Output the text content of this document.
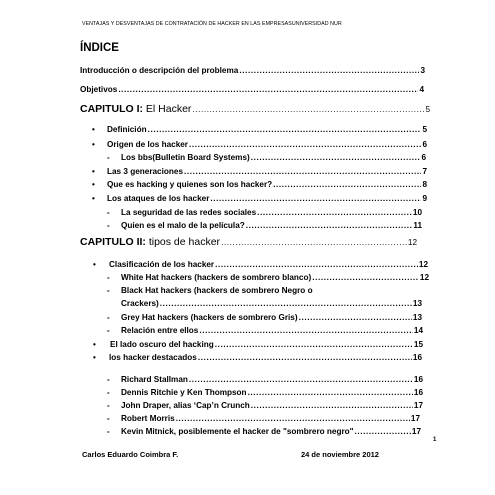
VENTAJAS Y DESVENTAJAS DE CONTRATACIÓN DE HACKER EN LAS EMPRESASUNIVERSIDAD NUR
ÍNDICE
Introducción o descripción del problema .....	3
Objetivos .....	4
CAPITULO I: El Hacker .....	5
• Definición .....	5
• Origen de los hacker .....	6
- Los bbs(Bulletin Board Systems) .....	6
• Las 3 generaciones .....	7
• Que es hacking y quienes son los hacker? .....	8
• Los ataques de los hacker .....	9
- La seguridad de las redes sociales .....	10
- Quien es el malo de la película? .....	11
CAPITULO II: tipos de hacker .....	12
• Clasificación de los hacker .....	12
- White Hat hackers (hackers de sombrero blanco) .....	12
- Black Hat hackers (hackers de sombrero Negro o
Crackers) .....	13
- Grey Hat hackers (hackers de sombrero Gris) .....	13
- Relación entre ellos .....	14
• El lado oscuro del hacking .....	15
• los hacker destacados .....	16
- Richard Stallman .....	16
- Dennis Ritchie y Ken Thompson .....	16
- John Draper, alias ‘Cap’n Crunch .....	17
- Robert Morris .....	17
- Kevin Mitnick, posiblemente el hacker de "sombrero negro" .....	17
1
Carlos Eduardo Coimbra F.	24 de noviembre 2012
